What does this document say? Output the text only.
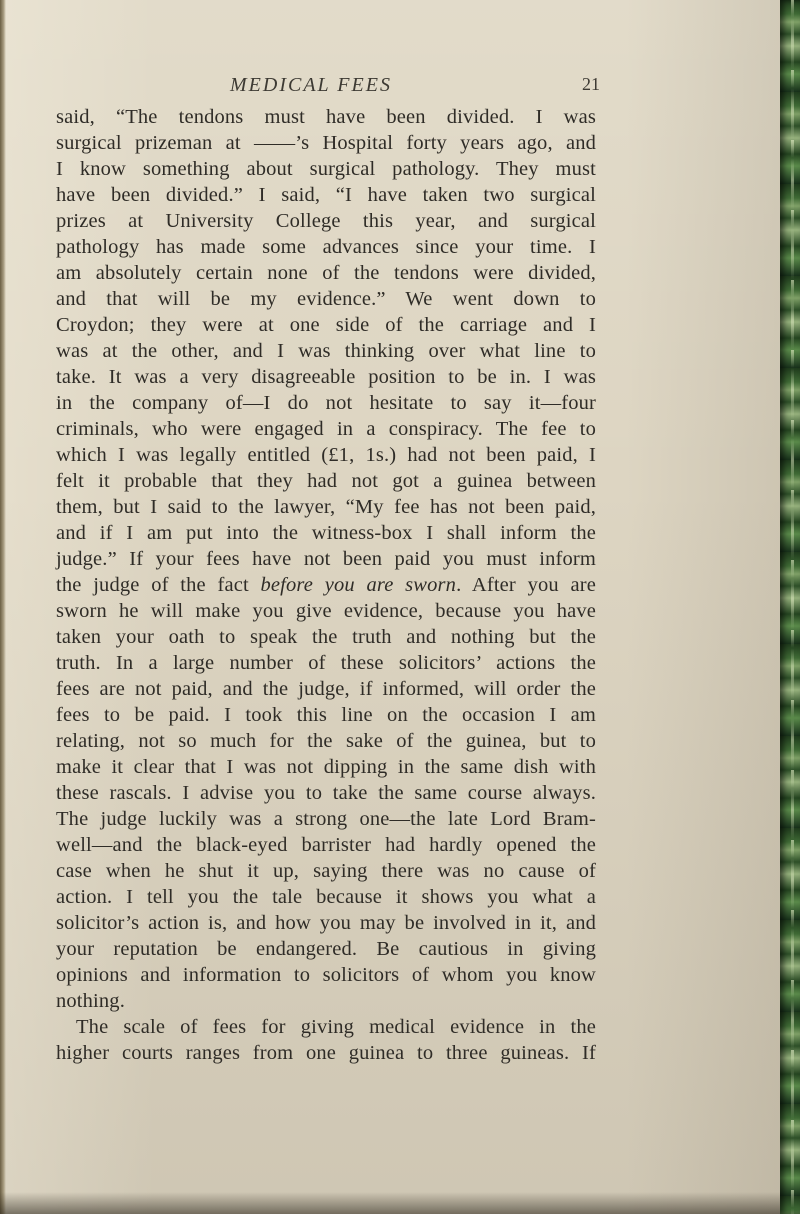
MEDICAL FEES	21
said, “The tendons must have been divided. I was
surgical prizeman at ——’s Hospital forty years ago, and
I know something about surgical pathology. They must
have been divided.” I said, “I have taken two surgical
prizes at University College this year, and surgical
pathology has made some advances since your time. I
am absolutely certain none of the tendons were divided,
and that will be my evidence.” We went down to
Croydon; they were at one side of the carriage and I
was at the other, and I was thinking over what line to
take. It was a very disagreeable position to be in. I was
in the company of—I do not hesitate to say it—four
criminals, who were engaged in a conspiracy. The fee to
which I was legally entitled (£1, 1s.) had not been paid, I
felt it probable that they had not got a guinea between
them, but I said to the lawyer, “My fee has not been paid,
and if I am put into the witness-box I shall inform the
judge.” If your fees have not been paid you must inform
the judge of the fact before you are sworn. After you are
sworn he will make you give evidence, because you have
taken your oath to speak the truth and nothing but the
truth. In a large number of these solicitors’ actions the
fees are not paid, and the judge, if informed, will order the
fees to be paid. I took this line on the occasion I am
relating, not so much for the sake of the guinea, but to
make it clear that I was not dipping in the same dish with
these rascals. I advise you to take the same course always.
The judge luckily was a strong one—the late Lord Bram-
well—and the black-eyed barrister had hardly opened the
case when he shut it up, saying there was no cause of
action. I tell you the tale because it shows you what a
solicitor’s action is, and how you may be involved in it, and
your reputation be endangered. Be cautious in giving
opinions and information to solicitors of whom you know
nothing.
The scale of fees for giving medical evidence in the
higher courts ranges from one guinea to three guineas. If
